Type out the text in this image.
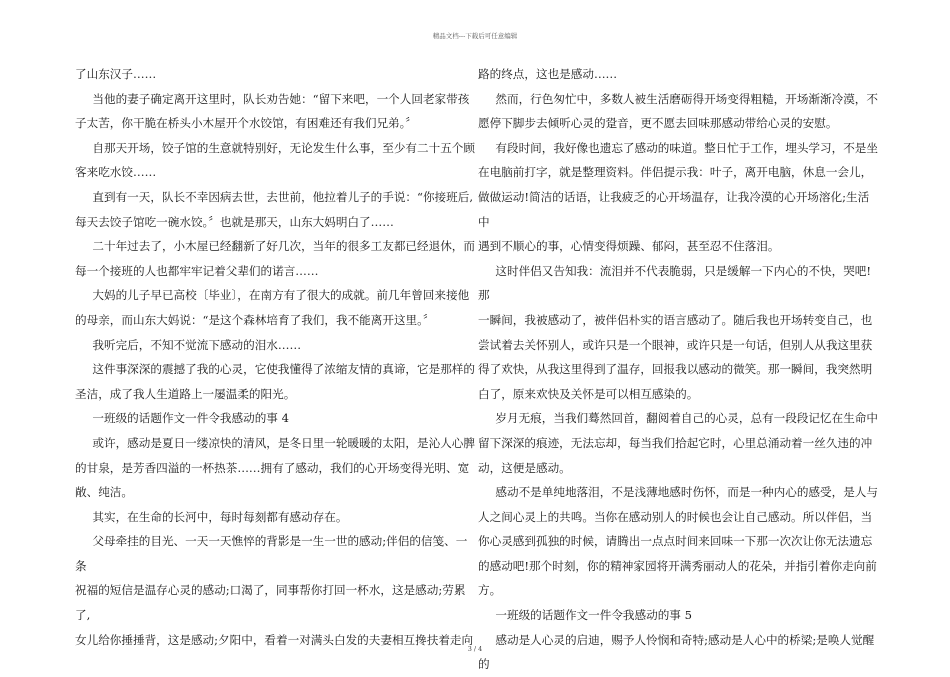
精品文档---下载后可任意编辑

了山东汉子……

当他的妻子确定离开这里时，队长劝告她：“留下来吧，一个人回老家带孩

子太苦，你干脆在桥头小木屋开个水饺馆，有困难还有我们兄弟。〞

自那天开场，饺子馆的生意就特别好，无论发生什么事，至少有二十五个顾

客来吃水饺……

直到有一天，队长不幸因病去世，去世前，他拉着儿子的手说：“你接班后,

每天去饺子馆吃一碗水饺。〞也就是那天，山东大妈明白了……

二十年过去了，小木屋已经翻新了好几次，当年的很多工友都已经退休，而

每一个接班的人也都牢牢记着父辈们的诺言……

大妈的儿子早已高校〔毕业〕，在南方有了很大的成就。前几年曾回来接他

的母亲，而山东大妈说：“是这个森林培育了我们，我不能离开这里。〞

我听完后，不知不觉流下感动的泪水……

这件事深深的震撼了我的心灵，它使我懂得了浓缩友情的真谛，它是那样的

圣洁，成了我人生道路上一屡温柔的阳光。

一班级的话题作文一件令我感动的事 4

或许，感动是夏日一缕凉快的清风，是冬日里一轮暖暖的太阳，是沁人心脾

的甘泉，是芳香四溢的一杯热茶……拥有了感动，我们的心开场变得光明、宽

敞、纯洁。

其实，在生命的长河中，每时每刻都有感动存在。

父母牵挂的目光、一天一天憔悴的背影是一生一世的感动;伴侣的信笺、一条

祝福的短信是温存心灵的感动;口渴了，同事帮你打回一杯水，这是感动;劳累了,

女儿给你捶捶背，这是感动;夕阳中，看着一对满头白发的夫妻相互搀扶着走向

路的终点，这也是感动……

然而，行色匆忙中，多数人被生活磨砺得开场变得粗糙，开场渐渐冷漠，不

愿停下脚步去倾听心灵的跫音，更不愿去回味那感动带给心灵的安慰。

有段时间，我好像也遗忘了感动的味道。整日忙于工作，埋头学习，不是坐

在电脑前打字，就是整理资料。伴侣提示我：叶子，离开电脑，休息一会儿，

做做运动!简洁的话语，让我疲乏的心开场温存，让我冷漠的心开场溶化;生活中

遇到不顺心的事，心情变得烦躁、郁闷，甚至忍不住落泪。

这时伴侣又告知我：流泪并不代表脆弱，只是缓解一下内心的不快，哭吧!那

一瞬间，我被感动了，被伴侣朴实的语言感动了。随后我也开场转变自己，也

尝试着去关怀别人，或许只是一个眼神，或许只是一句话，但别人从我这里获

得了欢快，从我这里得到了温存，回报我以感动的微笑。那一瞬间，我突然明

白了，原来欢快及关怀是可以相互感染的。

岁月无痕，当我们蓦然回首，翻阅着自己的心灵，总有一段段记忆在生命中

留下深深的痕迹，无法忘却，每当我们拾起它时，心里总涌动着一丝久违的冲

动，这便是感动。

感动不是单纯地落泪，不是浅薄地感时伤怀，而是一种内心的感受，是人与

人之间心灵上的共鸣。当你在感动别人的时候也会让自己感动。所以伴侣，当

你心灵感到孤独的时候，请腾出一点点时间来回味一下那一次次让你无法遗忘

的感动吧!那个时刻，你的精神家园将开满秀丽动人的花朵，并指引着你走向前

方。

一班级的话题作文一件令我感动的事 5

感动是人心灵的启迪，赐予人怜悯和奇特;感动是人心中的桥梁;是唤人觉醒的

3 / 4
